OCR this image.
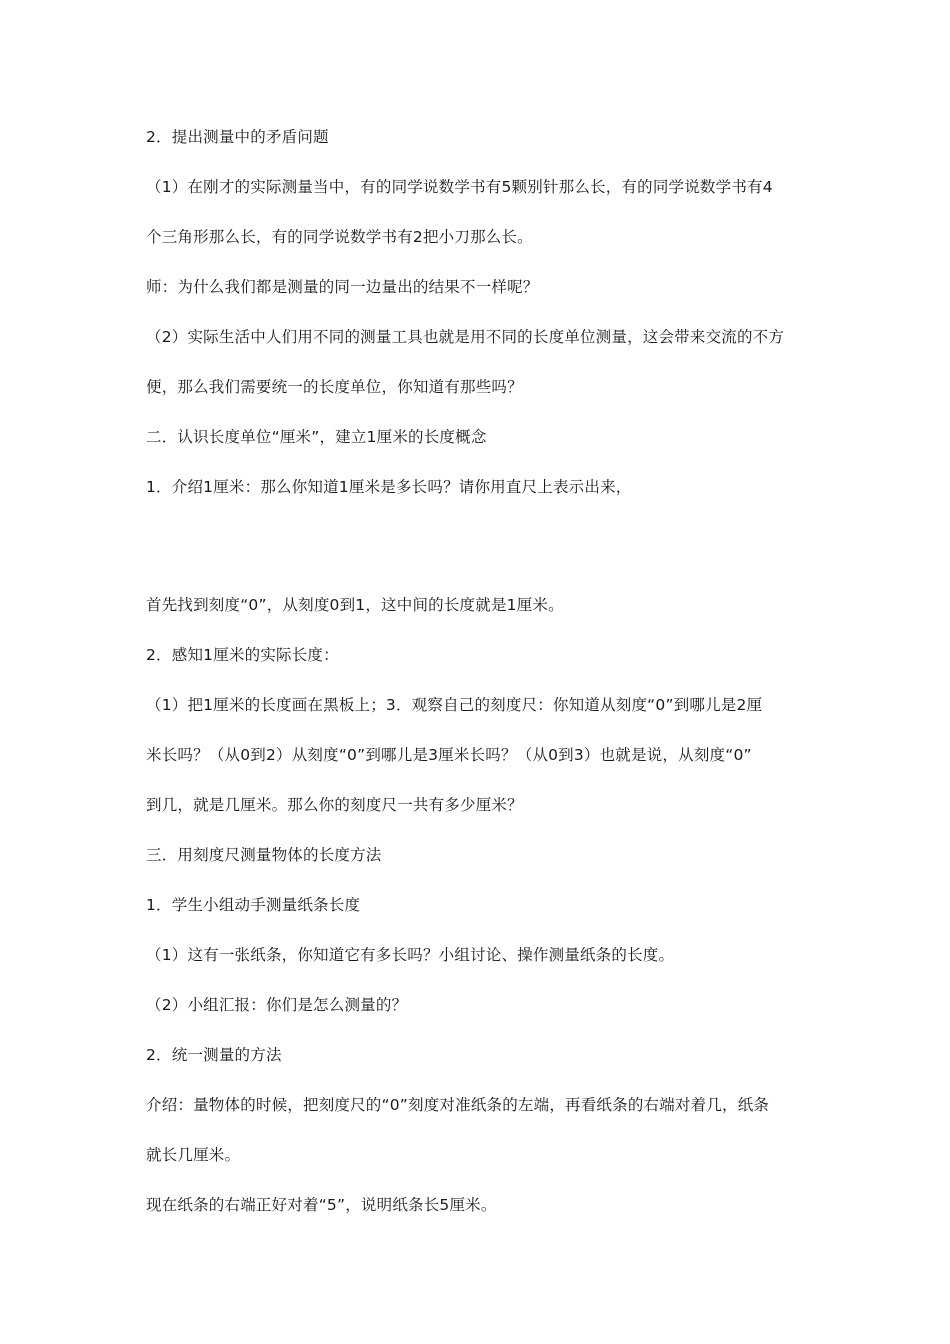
2．提出测量中的矛盾问题
（1）在刚才的实际测量当中，有的同学说数学书有5颗别针那么长，有的同学说数学书有4
个三角形那么长，有的同学说数学书有2把小刀那么长。
师：为什么我们都是测量的同一边量出的结果不一样呢？
（2）实际生活中人们用不同的测量工具也就是用不同的长度单位测量，这会带来交流的不方
便，那么我们需要统一的长度单位，你知道有那些吗？
二．认识长度单位“厘米”，建立1厘米的长度概念
1．介绍1厘米：那么你知道1厘米是多长吗？请你用直尺上表示出来，
首先找到刻度“0”，从刻度0到1，这中间的长度就是1厘米。
2．感知1厘米的实际长度：
（1）把1厘米的长度画在黑板上；3．观察自己的刻度尺：你知道从刻度“0”到哪儿是2厘
米长吗？（从0到2）从刻度“0”到哪儿是3厘米长吗？（从0到3）也就是说，从刻度“0”
到几，就是几厘米。那么你的刻度尺一共有多少厘米？
三．用刻度尺测量物体的长度方法
1．学生小组动手测量纸条长度
（1）这有一张纸条，你知道它有多长吗？小组讨论、操作测量纸条的长度。
（2）小组汇报：你们是怎么测量的？
2．统一测量的方法
介绍：量物体的时候，把刻度尺的“0”刻度对准纸条的左端，再看纸条的右端对着几，纸条
就长几厘米。
现在纸条的右端正好对着“5”，说明纸条长5厘米。
